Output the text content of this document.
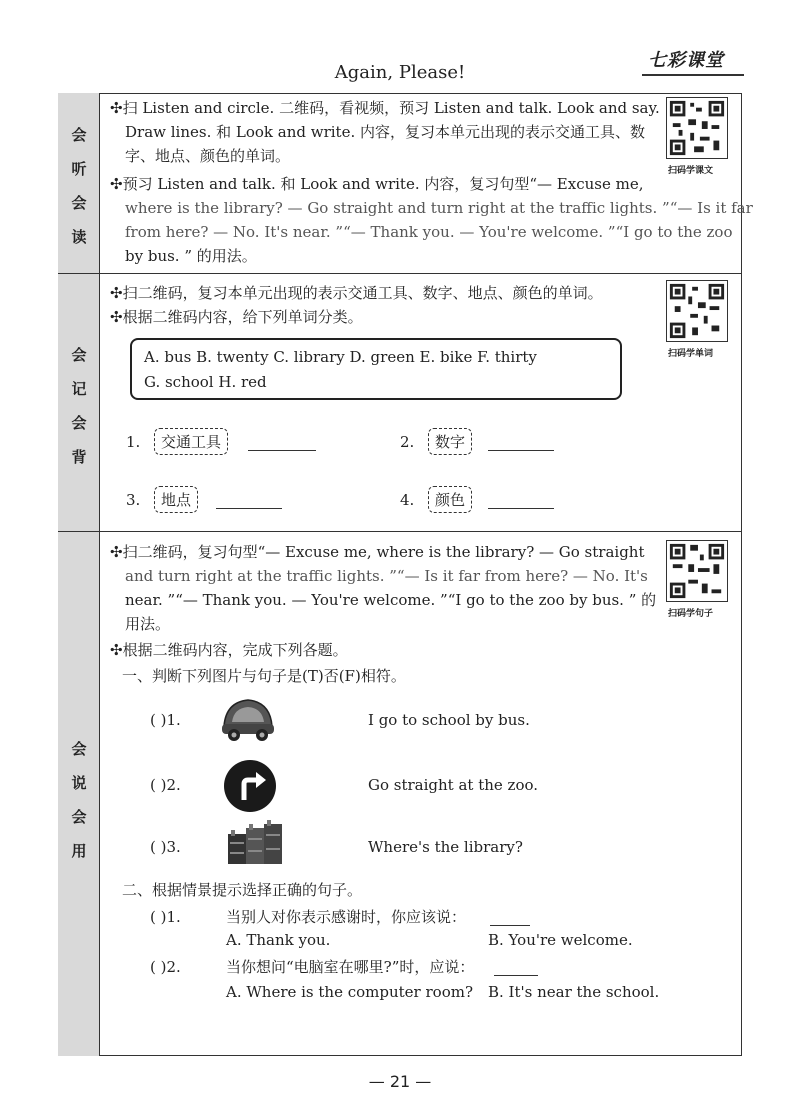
Again, Please!
七彩课堂
会
听
会
读
✣扫 Listen and circle. 二维码，看视频，预习 Listen and talk. Look and say.
Draw lines. 和 Look and write. 内容，复习本单元出现的表示交通工具、数
字、地点、颜色的单词。
✣预习 Listen and talk. 和 Look and write. 内容，复习句型“— Excuse me,
where is the library? — Go straight and turn right at the traffic lights. ”“— Is it far
from here? — No. It's near. ”“— Thank you. — You're welcome. ”“I go to the zoo
by bus. ” 的用法。
扫码学课文
会
记
会
背
✣扫二维码，复习本单元出现的表示交通工具、数字、地点、颜色的单词。
✣根据二维码内容，给下列单词分类。
扫码学单词
A. bus B. twenty C. library D. green E. bike F. thirty
G. school H. red
1.	交通工具	2.	数字
3.	地点	4.	颜色
会
说
会
用
✣扫二维码，复习句型“— Excuse me, where is the library? — Go straight
and turn right at the traffic lights. ”“— Is it far from here? — No. It's
near. ”“— Thank you. — You're welcome. ”“I go to the zoo by bus. ” 的
用法。
✣根据二维码内容，完成下列各题。
扫码学句子
一、判断下列图片与句子是(T)否(F)相符。
( )1.	I go to school by bus.
( )2.	Go straight at the zoo.
( )3.	Where's the library?
二、根据情景提示选择正确的句子。
( )1.	当别人对你表示感谢时，你应该说：
A. Thank you.	B. You're welcome.
( )2.	当你想问“电脑室在哪里?”时，应说：
A. Where is the computer room? B. It's near the school.
— 21 —
